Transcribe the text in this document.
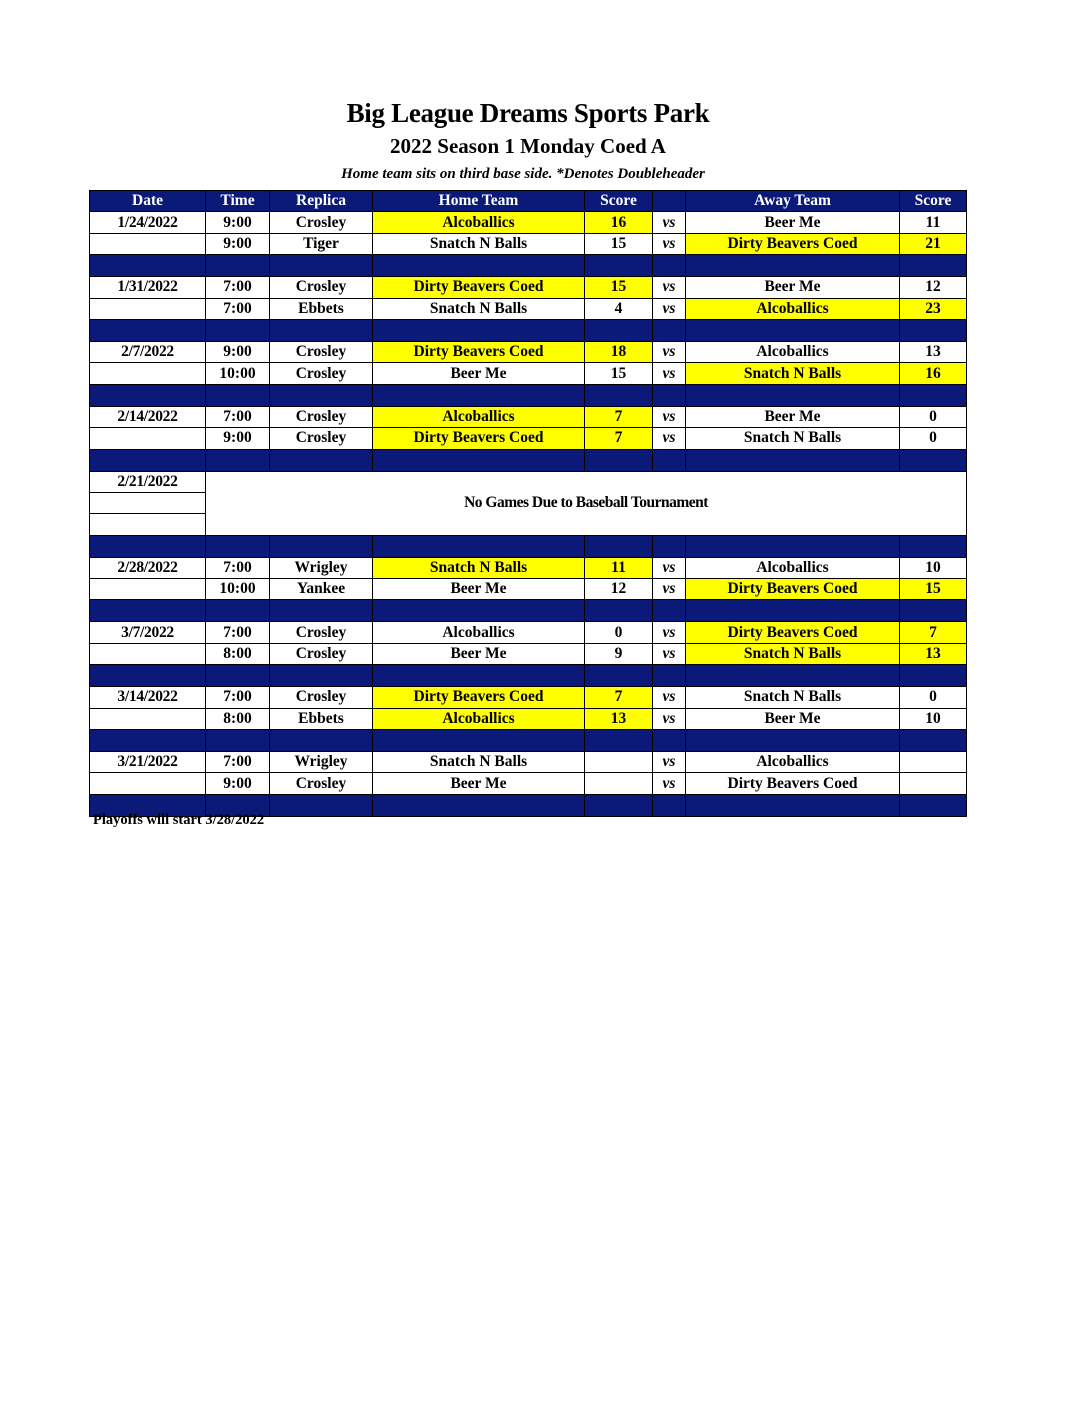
Big League Dreams Sports Park
2022 Season 1 Monday Coed A
Home team sits on third base side. *Denotes Doubleheader
Date	Time	Replica	Home Team	Score		Away Team	Score
1/24/2022	9:00	Crosley	Alcoballics	16	vs	Beer Me	11
	9:00	Tiger	Snatch N Balls	15	vs	Dirty Beavers Coed	21

1/31/2022	7:00	Crosley	Dirty Beavers Coed	15	vs	Beer Me	12
	7:00	Ebbets	Snatch N Balls	4	vs	Alcoballics	23

2/7/2022	9:00	Crosley	Dirty Beavers Coed	18	vs	Alcoballics	13
	10:00	Crosley	Beer Me	15	vs	Snatch N Balls	16

2/14/2022	7:00	Crosley	Alcoballics	7	vs	Beer Me	0
	9:00	Crosley	Dirty Beavers Coed	7	vs	Snatch N Balls	0

2/21/2022	No Games Due to Baseball Tournament						

2/28/2022	7:00	Wrigley	Snatch N Balls	11	vs	Alcoballics	10
	10:00	Yankee	Beer Me	12	vs	Dirty Beavers Coed	15

3/7/2022	7:00	Crosley	Alcoballics	0	vs	Dirty Beavers Coed	7
	8:00	Crosley	Beer Me	9	vs	Snatch N Balls	13

3/14/2022	7:00	Crosley	Dirty Beavers Coed	7	vs	Snatch N Balls	0
	8:00	Ebbets	Alcoballics	13	vs	Beer Me	10

3/21/2022	7:00	Wrigley	Snatch N Balls		vs	Alcoballics	
	9:00	Crosley	Beer Me		vs	Dirty Beavers Coed	

Playoffs will start 3/28/2022
